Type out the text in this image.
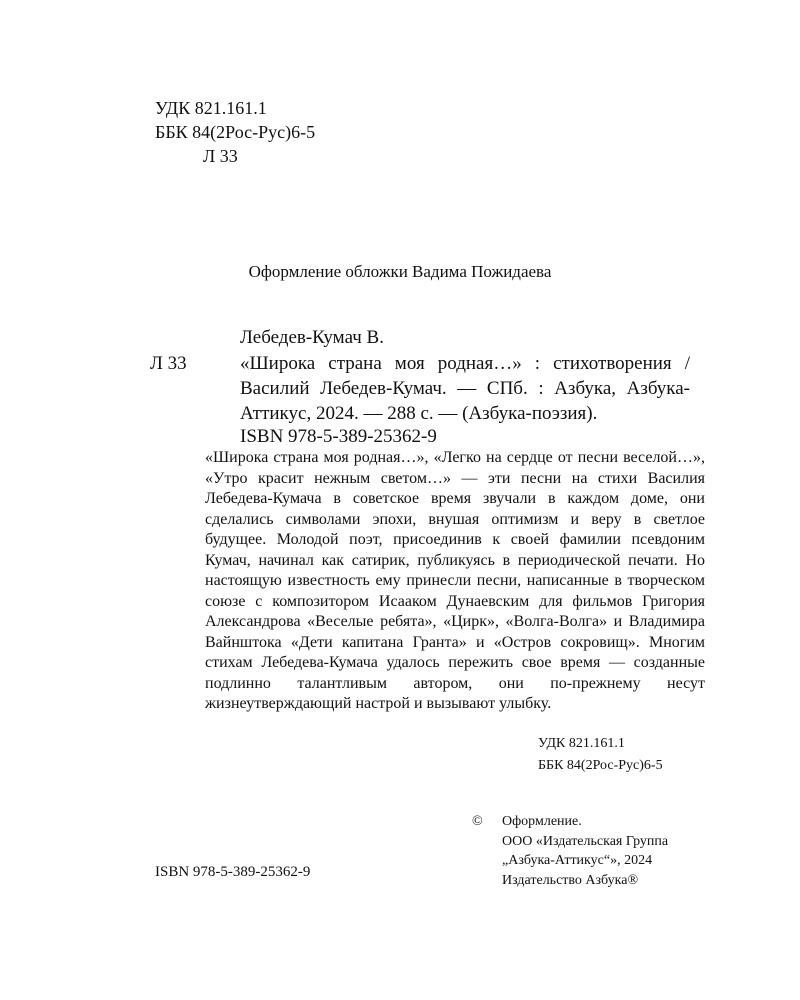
УДК 821.161.1
ББК 84(2Рос-Рус)6-5
Л 33
Оформление обложки Вадима Пожидаева
Лебедев-Кумач В.
Л 33	«Широка страна моя родная…» : стихотворения / Василий Лебедев-Кумач. — СПб. : Азбука, Азбука-Аттикус, 2024. — 288 с. — (Азбука-поэзия).
ISBN 978-5-389-25362-9
«Широка страна моя родная…», «Легко на сердце от песни веселой…», «Утро красит нежным светом…» — эти песни на стихи Василия Лебедева-Кумача в советское время звучали в каждом доме, они сделались символами эпохи, внушая оптимизм и веру в светлое будущее. Молодой поэт, присоединив к своей фамилии псевдоним Кумач, начинал как сатирик, публикуясь в периодической печати. Но настоящую известность ему принесли песни, написанные в творческом союзе с композитором Исааком Дунаевским для фильмов Григория Александрова «Веселые ребята», «Цирк», «Волга-Волга» и Владимира Вайнштока «Дети капитана Гранта» и «Остров сокровищ». Многим стихам Лебедева-Кумача удалось пережить свое время — созданные подлинно талантливым автором, они по-прежнему несут жизнеутверждающий настрой и вызывают улыбку.
УДК 821.161.1
ББК 84(2Рос-Рус)6-5
© Оформление.
ООО «Издательская Группа
„Азбука-Аттикус“», 2024
Издательство Азбука®
ISBN 978-5-389-25362-9
